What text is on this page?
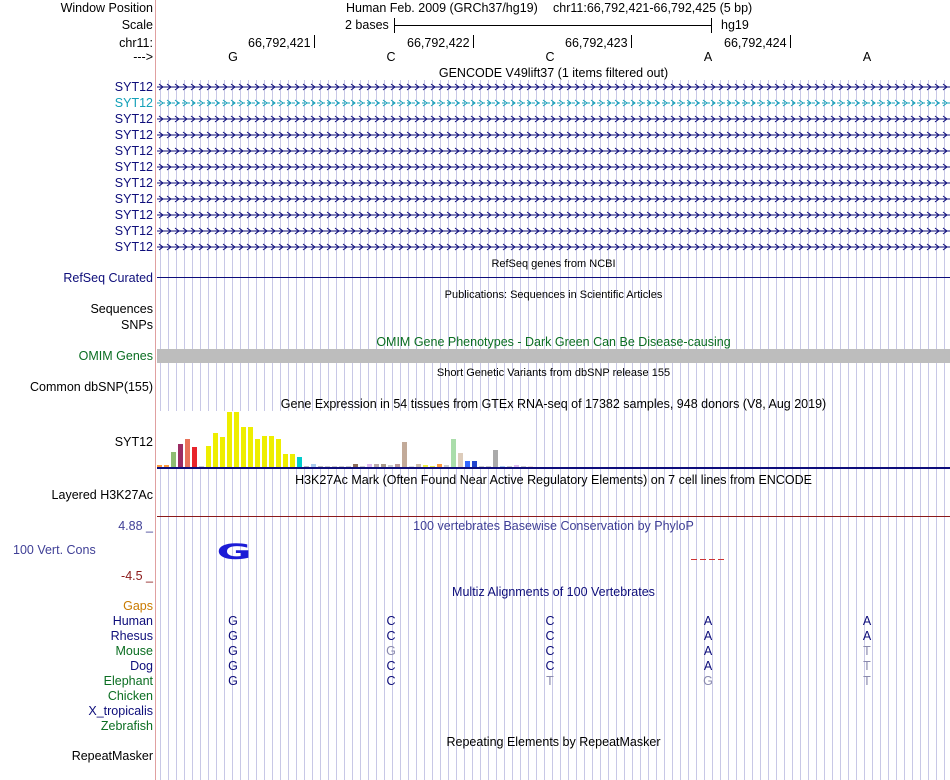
Window Position	Human Feb. 2009 (GRCh37/hg19) chr11:66,792,421-66,792,425 (5 bp)
Scale	2 bases	hg19
chr11:	66,792,421	66,792,422	66,792,423	66,792,424
--->	G	C	C	A	A
GENCODE V49lift37 (1 items filtered out)
SYT12
SYT12
SYT12
SYT12
SYT12
SYT12
SYT12
SYT12
SYT12
SYT12
SYT12
RefSeq genes from NCBI
RefSeq Curated
Publications: Sequences in Scientific Articles
Sequences
SNPs
OMIM Gene Phenotypes - Dark Green Can Be Disease-causing
OMIM Genes
Short Genetic Variants from dbSNP release 155
Common dbSNP(155)
Gene Expression in 54 tissues from GTEx RNA-seq of 17382 samples, 948 donors (V8, Aug 2019)
SYT12
H3K27Ac Mark (Often Found Near Active Regulatory Elements) on 7 cell lines from ENCODE
Layered H3K27Ac
100 vertebrates Basewise Conservation by PhyloP
4.88 _
100 Vert. Cons
-4.5 _
G
Multiz Alignments of 100 Vertebrates
Gaps
Human	G	C	C	A	A
Rhesus	G	C	C	A	A
Mouse	G	G	C	A	T
Dog	G	C	C	A	T
Elephant	G	C	T	G	T
Chicken
X_tropicalis
Zebrafish
Repeating Elements by RepeatMasker
RepeatMasker
